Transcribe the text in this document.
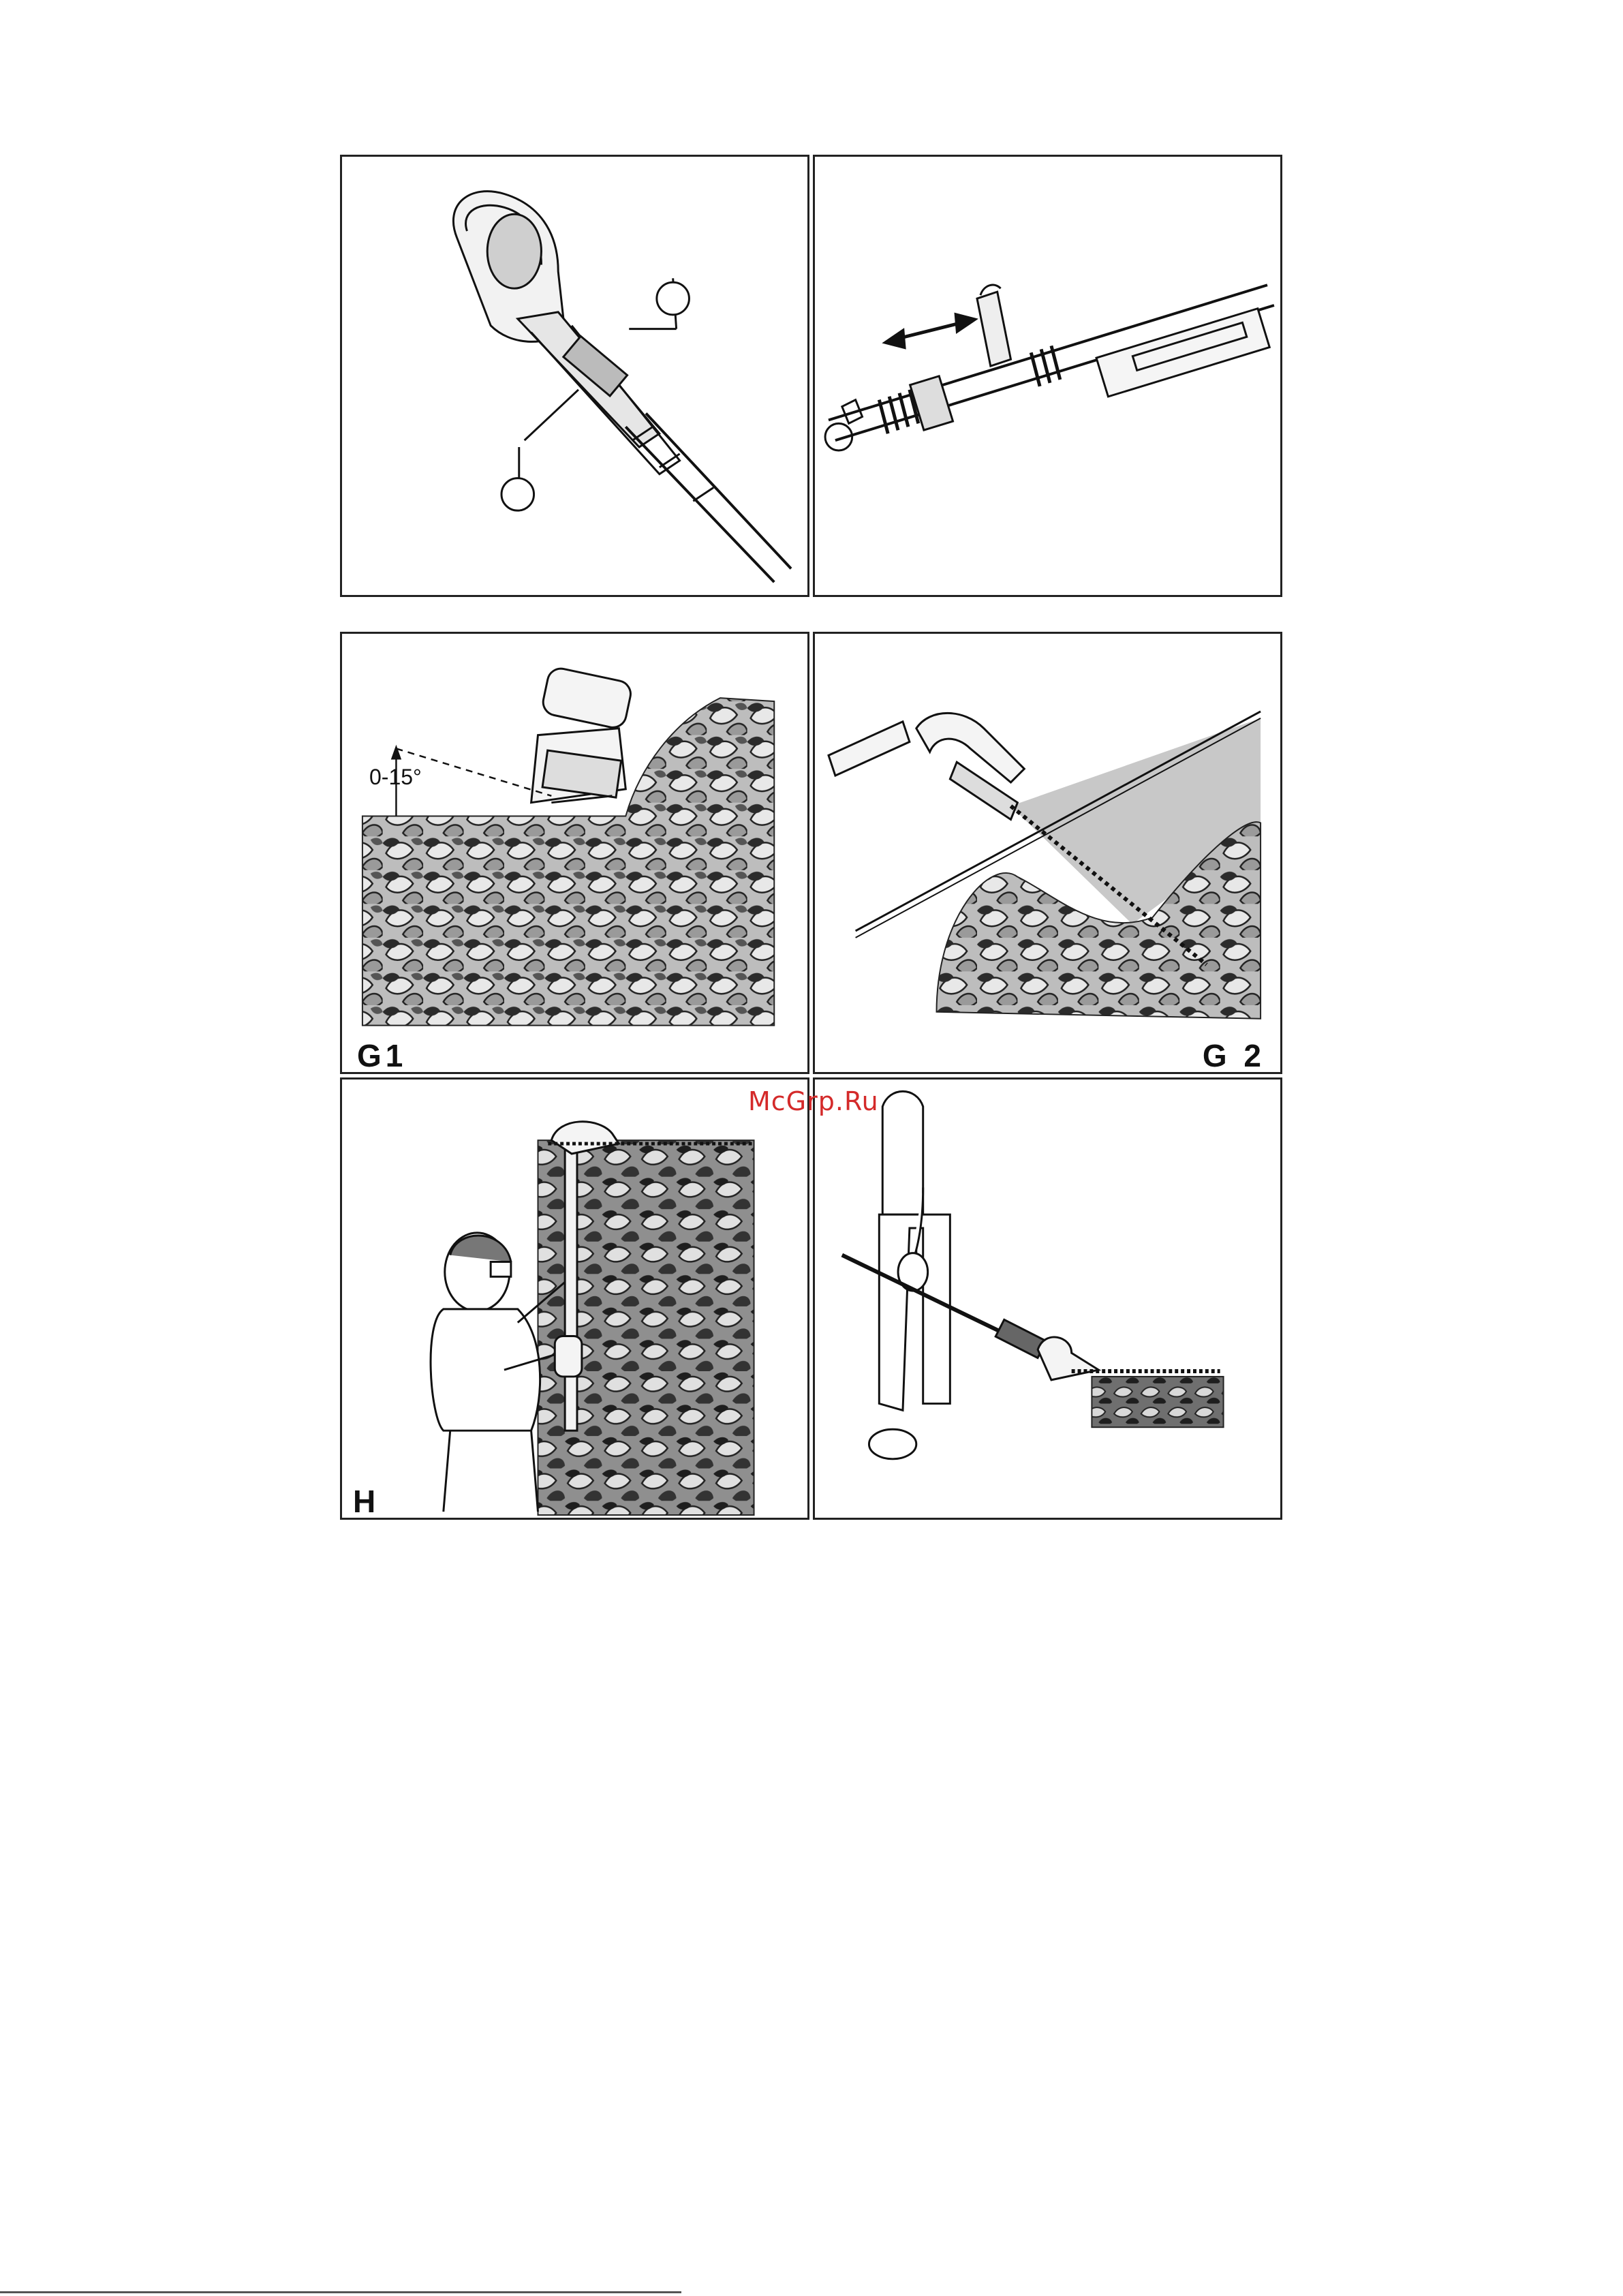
0-15°
G1	G 2
H
McGrp.Ru
